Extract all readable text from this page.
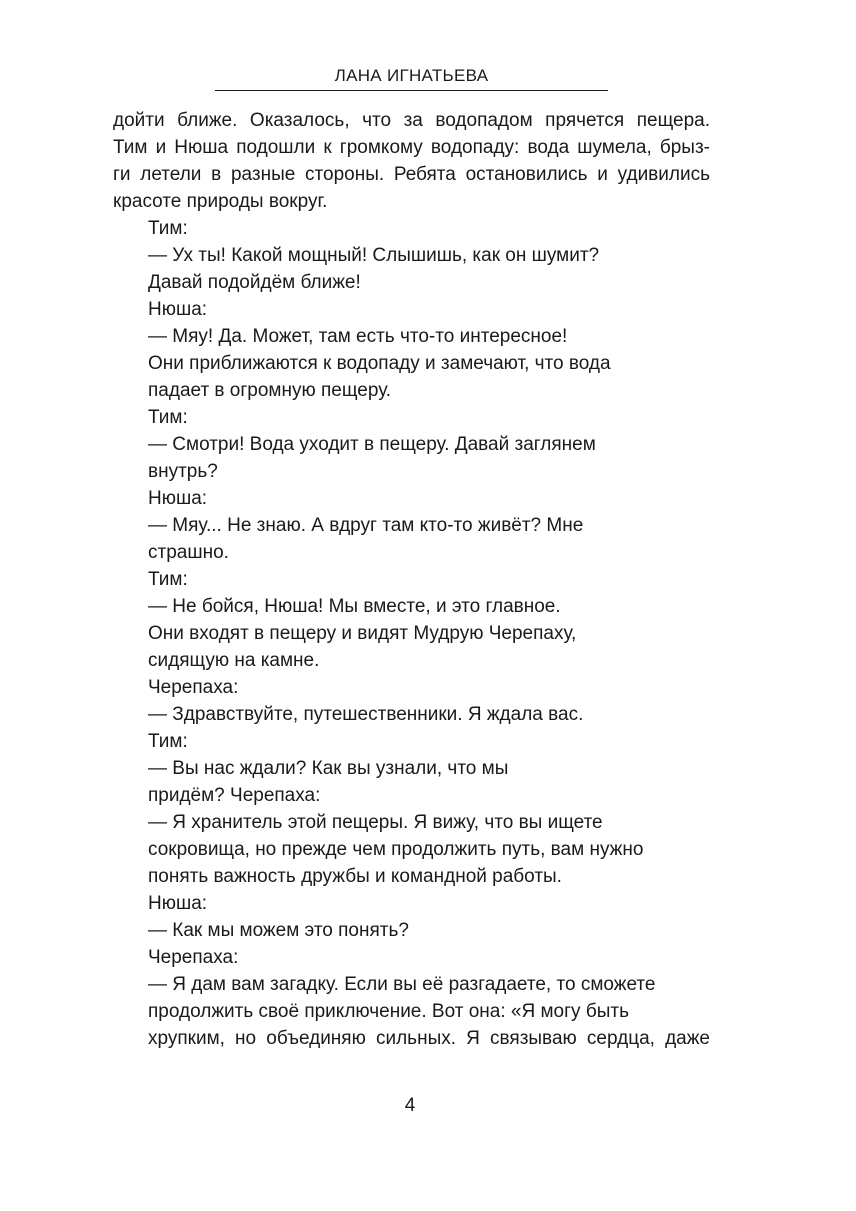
ЛАНА ИГНАТЬЕВА
дойти ближе. Оказалось, что за водопадом прячется пещера.
Тим и Нюша подошли к громкому водопаду: вода шумела, брыз-
ги летели в разные стороны. Ребята остановились и удивились
красоте природы вокруг.
Тим:
— Ух ты! Какой мощный! Слышишь, как он шумит?
Давай подойдём ближе!
Нюша:
— Мяу! Да. Может, там есть что-то интересное!
Они приближаются к водопаду и замечают, что вода
падает в огромную пещеру.
Тим:
— Смотри! Вода уходит в пещеру. Давай заглянем
внутрь?
Нюша:
— Мяу... Не знаю. А вдруг там кто-то живёт? Мне
страшно.
Тим:
— Не бойся, Нюша! Мы вместе, и это главное.
Они входят в пещеру и видят Мудрую Черепаху,
сидящую на камне.
Черепаха:
— Здравствуйте, путешественники. Я ждала вас.
Тим:
— Вы нас ждали? Как вы узнали, что мы
придём? Черепаха:
— Я хранитель этой пещеры. Я вижу, что вы ищете
сокровища, но прежде чем продолжить путь, вам нужно
понять важность дружбы и командной работы.
Нюша:
— Как мы можем это понять?
Черепаха:
— Я дам вам загадку. Если вы её разгадаете, то сможете
продолжить своё приключение. Вот она: «Я могу быть
хрупким, но объединяю сильных. Я связываю сердца, даже
4
